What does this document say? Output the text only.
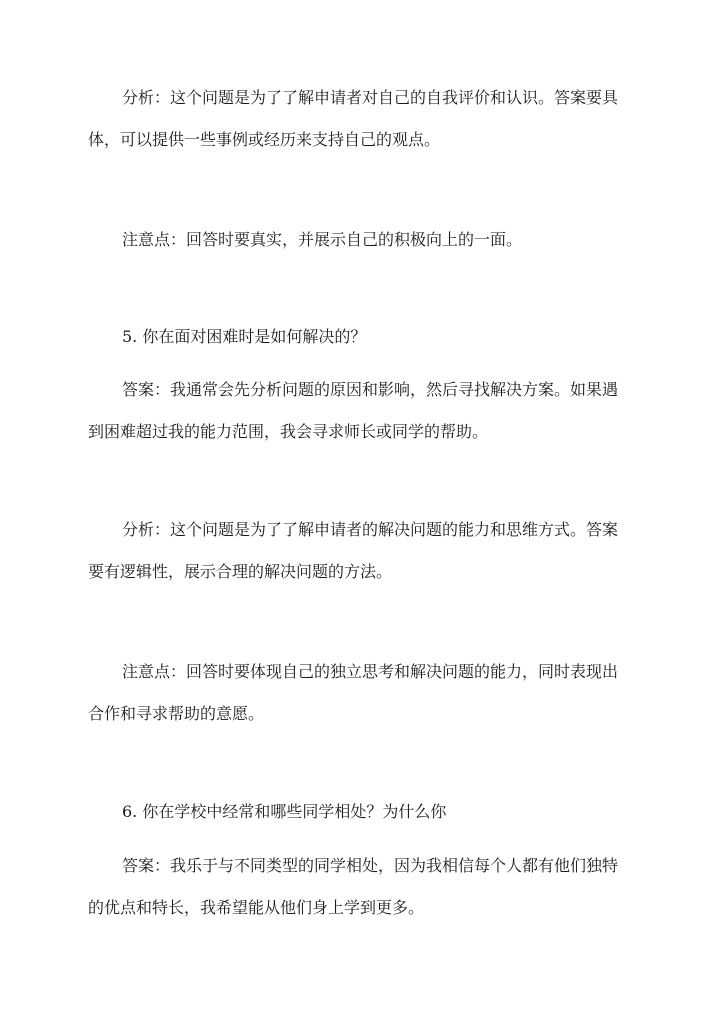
分析：这个问题是为了了解申请者对自己的自我评价和认识。答案要具体，可以提供一些事例或经历来支持自己的观点。

注意点：回答时要真实，并展示自己的积极向上的一面。

5. 你在面对困难时是如何解决的？

答案：我通常会先分析问题的原因和影响，然后寻找解决方案。如果遇到困难超过我的能力范围，我会寻求师长或同学的帮助。

分析：这个问题是为了了解申请者的解决问题的能力和思维方式。答案要有逻辑性，展示合理的解决问题的方法。

注意点：回答时要体现自己的独立思考和解决问题的能力，同时表现出合作和寻求帮助的意愿。

6. 你在学校中经常和哪些同学相处？为什么你

答案：我乐于与不同类型的同学相处，因为我相信每个人都有他们独特的优点和特长，我希望能从他们身上学到更多。
